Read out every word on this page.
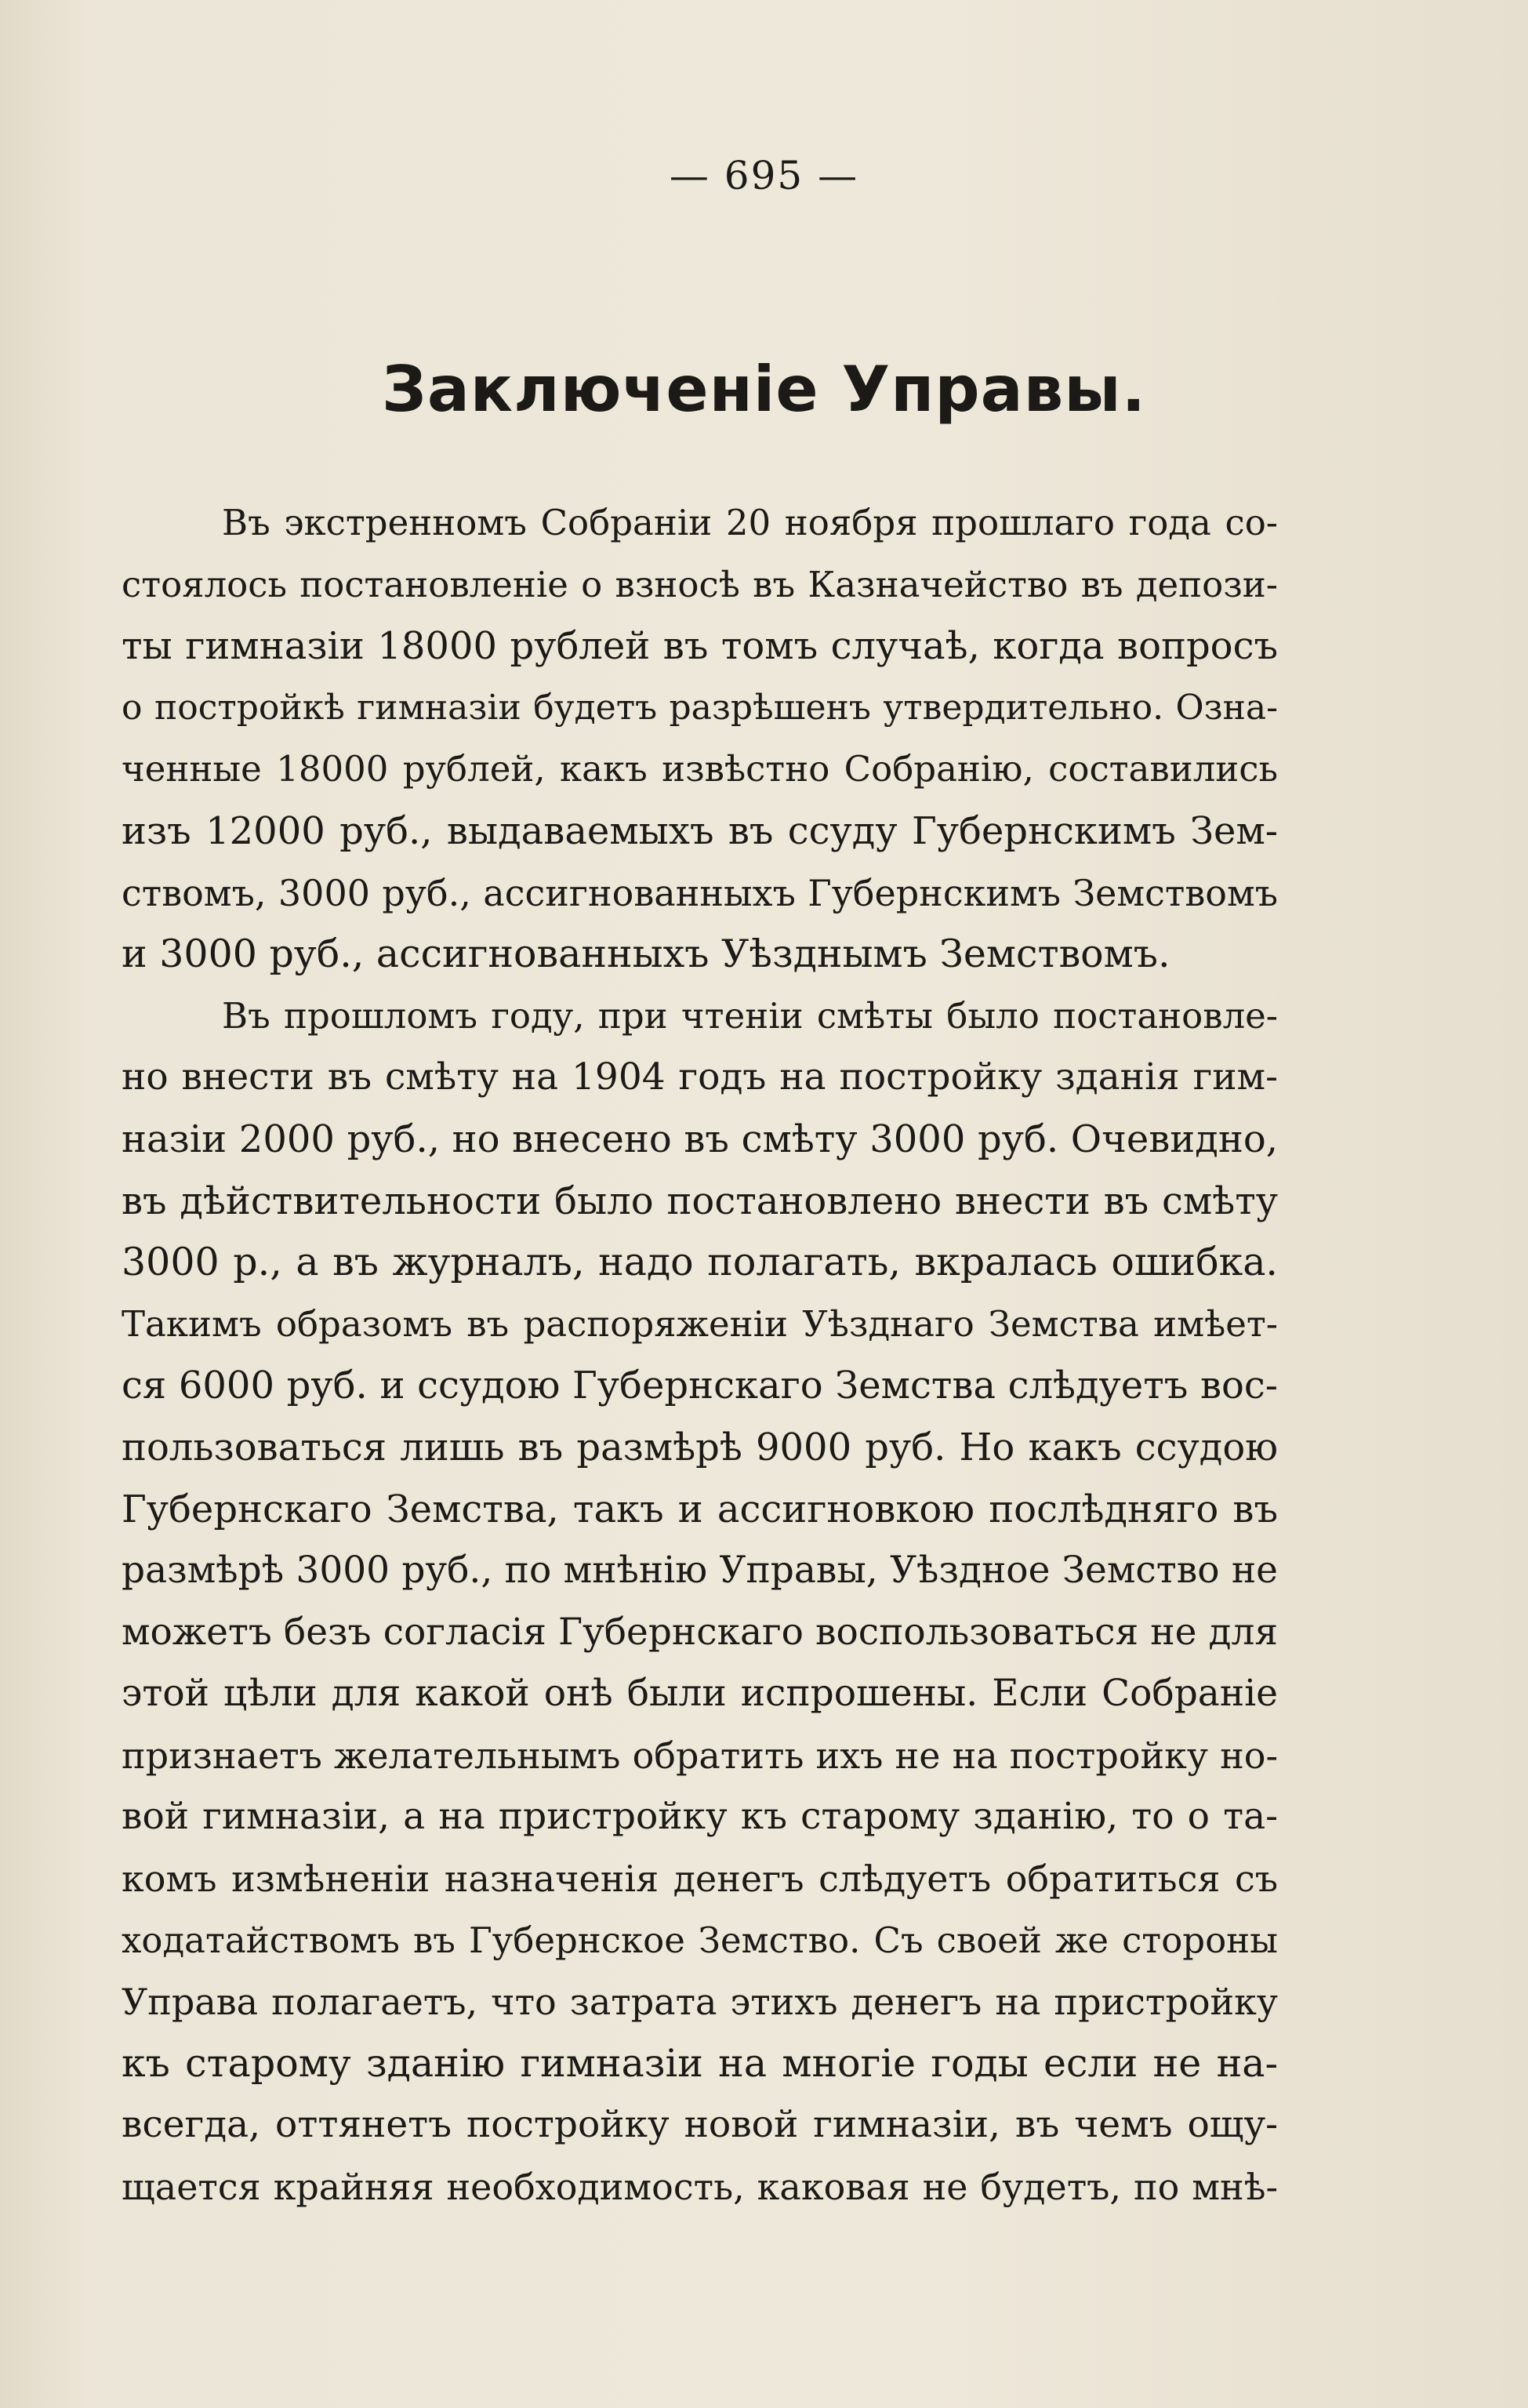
— 695 —
Заключеніе Управы.
Въ экстренномъ Собраніи 20 ноября прошлаго года со-
стоялось постановленіе о взносѣ въ Казначейство въ депози-
ты гимназіи 18000 рублей въ томъ случаѣ, когда вопросъ
о постройкѣ гимназіи будетъ разрѣшенъ утвердительно. Озна-
ченные 18000 рублей, какъ извѣстно Собранію, составились
изъ 12000 руб., выдаваемыхъ въ ссуду Губернскимъ Зем-
ствомъ, 3000 руб., ассигнованныхъ Губернскимъ Земствомъ
и 3000 руб., ассигнованныхъ Уѣзднымъ Земствомъ.
Въ прошломъ году, при чтеніи смѣты было постановле-
но внести въ смѣту на 1904 годъ на постройку зданія гим-
назіи 2000 руб., но внесено въ смѣту 3000 руб. Очевидно,
въ дѣйствительности было постановлено внести въ смѣту
3000 р., а въ журналъ, надо полагать, вкралась ошибка.
Такимъ образомъ въ распоряженіи Уѣзднаго Земства имѣет-
ся 6000 руб. и ссудою Губернскаго Земства слѣдуетъ вос-
пользоваться лишь въ размѣрѣ 9000 руб. Но какъ ссудою
Губернскаго Земства, такъ и ассигновкою послѣдняго въ
размѣрѣ 3000 руб., по мнѣнію Управы, Уѣздное Земство не
можетъ безъ согласія Губернскаго воспользоваться не для
этой цѣли для какой онѣ были испрошены. Если Собраніе
признаетъ желательнымъ обратить ихъ не на постройку но-
вой гимназіи, а на пристройку къ старому зданію, то о та-
комъ измѣненіи назначенія денегъ слѣдуетъ обратиться съ
ходатайствомъ въ Губернское Земство. Съ своей же стороны
Управа полагаетъ, что затрата этихъ денегъ на пристройку
къ старому зданію гимназіи на многіе годы если не на-
всегда, оттянетъ постройку новой гимназіи, въ чемъ ощу-
щается крайняя необходимость, каковая не будетъ, по мнѣ-
